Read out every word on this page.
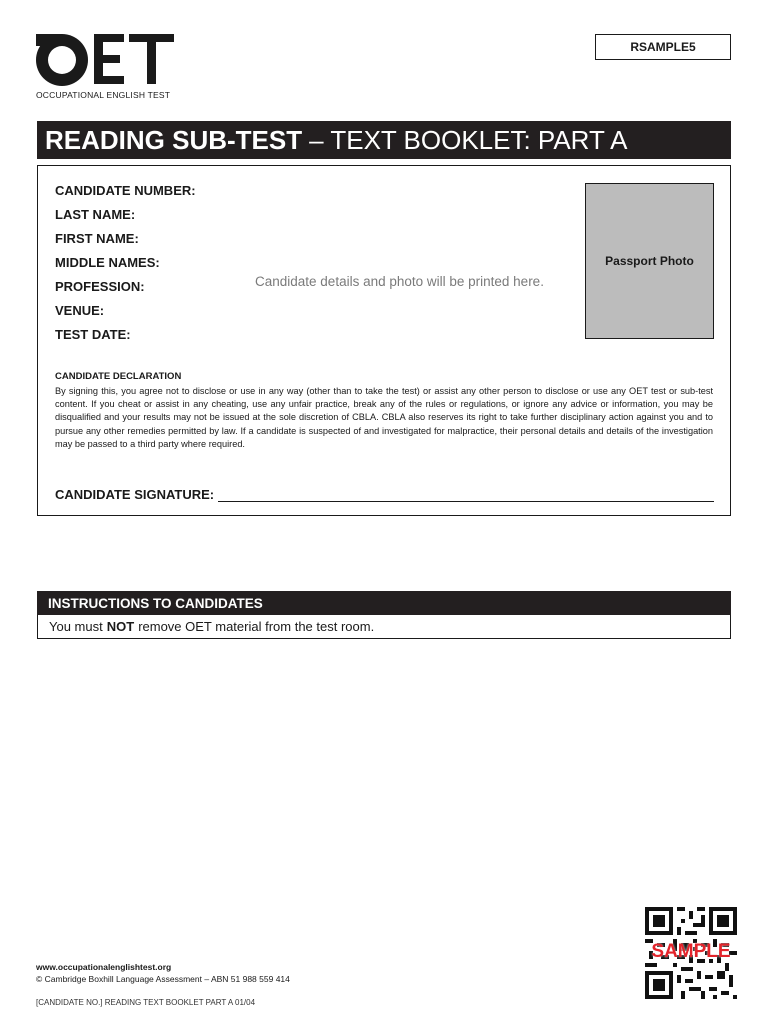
OCCUPATIONAL ENGLISH TEST
RSAMPLE5
READING SUB-TEST – TEXT BOOKLET: PART A
CANDIDATE NUMBER:
LAST NAME:
FIRST NAME:
MIDDLE NAMES:
PROFESSION:
VENUE:
TEST DATE:
Candidate details and photo will be printed here.
Passport Photo
CANDIDATE DECLARATION
By signing this, you agree not to disclose or use in any way (other than to take the test) or assist any other person to disclose or use any OET test or sub-test content. If you cheat or assist in any cheating, use any unfair practice, break any of the rules or regulations, or ignore any advice or information, you may be disqualified and your results may not be issued at the sole discretion of CBLA. CBLA also reserves its right to take further disciplinary action against you and to pursue any other remedies permitted by law. If a candidate is suspected of and investigated for malpractice, their personal details and details of the investigation may be passed to a third party where required.
CANDIDATE SIGNATURE:
INSTRUCTIONS TO CANDIDATES
You must NOT remove OET material from the test room.
www.occupationalenglishtest.org
© Cambridge Boxhill Language Assessment – ABN 51 988 559 414
[CANDIDATE NO.] READING TEXT BOOKLET PART A 01/04
SAMPLE
